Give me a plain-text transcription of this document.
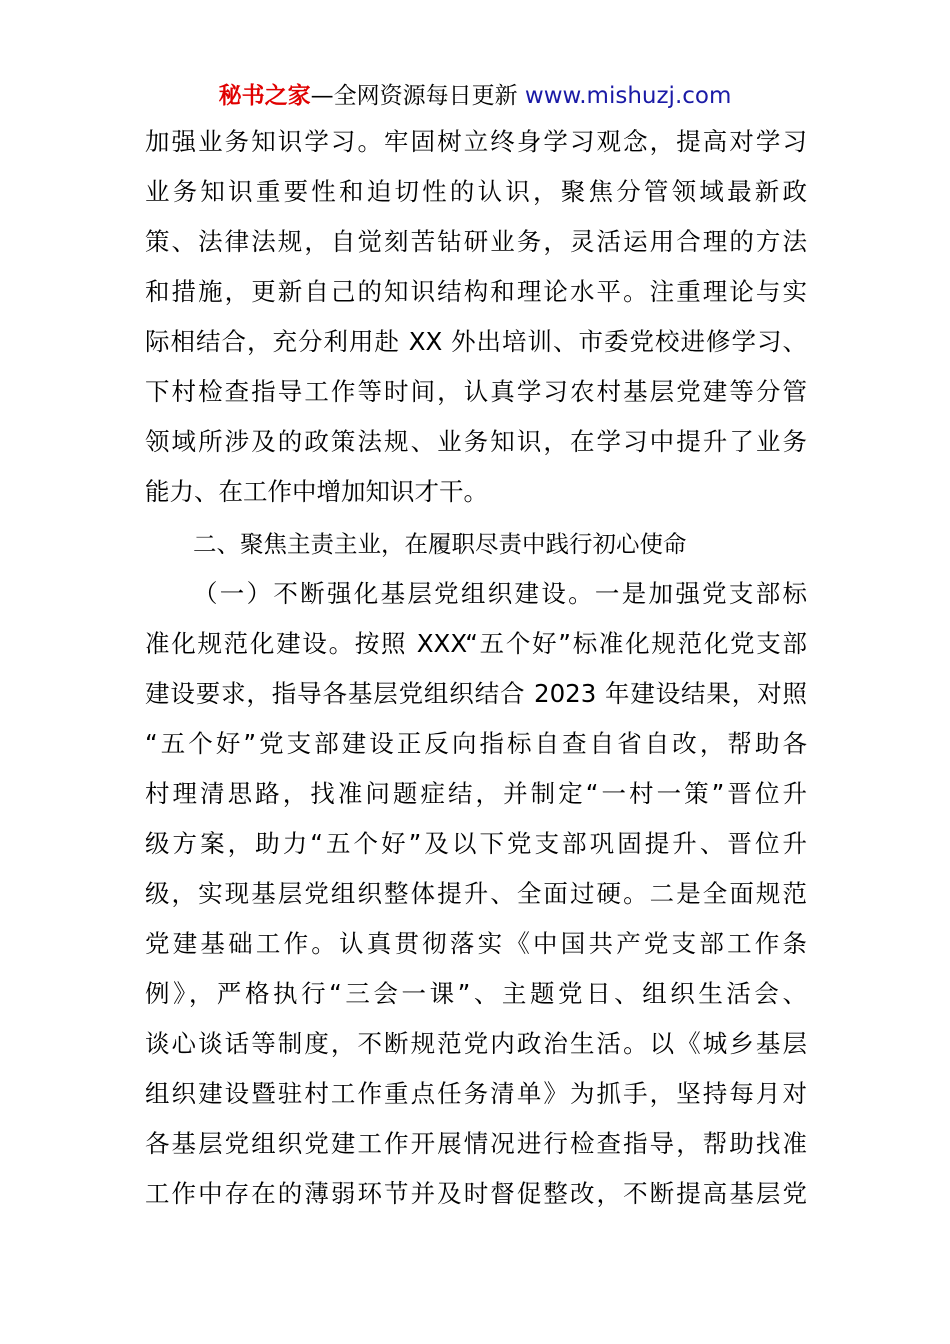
秘书之家—全网资源每日更新 www.mishuzj.com
加强业务知识学习。牢固树立终身学习观念，提高对学习
业务知识重要性和迫切性的认识，聚焦分管领域最新政
策、法律法规，自觉刻苦钻研业务，灵活运用合理的方法
和措施，更新自己的知识结构和理论水平。注重理论与实
际相结合，充分利用赴 XX 外出培训、市委党校进修学习、
下村检查指导工作等时间，认真学习农村基层党建等分管
领域所涉及的政策法规、业务知识，在学习中提升了业务
能力、在工作中增加知识才干。
二、聚焦主责主业，在履职尽责中践行初心使命
（一）不断强化基层党组织建设。一是加强党支部标
准化规范化建设。按照 XXX“五个好”标准化规范化党支部
建设要求，指导各基层党组织结合 2023 年建设结果，对照
“五个好”党支部建设正反向指标自查自省自改，帮助各
村理清思路，找准问题症结，并制定“一村一策”晋位升
级方案，助力“五个好”及以下党支部巩固提升、晋位升
级，实现基层党组织整体提升、全面过硬。二是全面规范
党建基础工作。认真贯彻落实《中国共产党支部工作条
例》，严格执行“三会一课”、主题党日、组织生活会、
谈心谈话等制度，不断规范党内政治生活。以《城乡基层
组织建设暨驻村工作重点任务清单》为抓手，坚持每月对
各基层党组织党建工作开展情况进行检查指导，帮助找准
工作中存在的薄弱环节并及时督促整改，不断提高基层党
